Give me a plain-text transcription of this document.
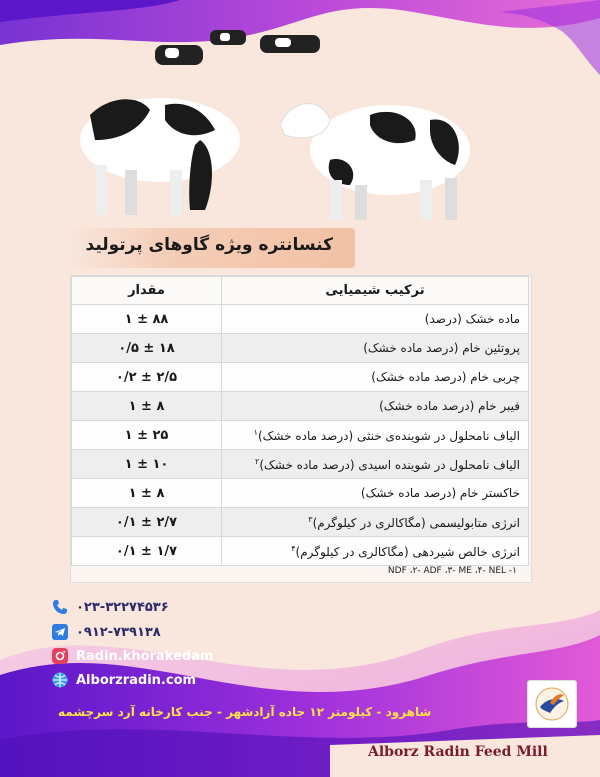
کنسانتره ویژه گاوهای پرتولید
ترکیب شیمیایی	مقدار
ماده خشک (درصد)	۸۸ ± ۱
پروتئین خام (درصد ماده خشک)	۱۸ ± ۰/۵
چربی خام (درصد ماده خشک)	۲/۵ ± ۰/۲
فیبر خام (درصد ماده خشک)	۸ ± ۱
الیاف نامحلول در شوینده‌ی خنثی (درصد ماده خشک)$^۱$	۲۵ ± ۱
الیاف نامحلول در شوینده اسیدی (درصد ماده خشک)$^۲$	۱۰ ± ۱
خاکستر خام (درصد ماده خشک)	۸ ± ۱
انرژی متابولیسمی (مگاکالری در کیلوگرم)$^۳$	۲/۷ ± ۰/۱
انرژی خالص شیردهی (مگاکالری در کیلوگرم)$^۴$	۱/۷ ± ۰/۱
۱- NDF ،۲- ADF ،۳- ME ،۴- NEL
۰۲۳-۳۲۲۷۴۵۳۶
۰۹۱۲-۷۳۹۱۳۸
Radin.khorakedam
Alborzradin.com
شاهرود - کیلومتر ۱۲ جاده آزادشهر - جنب کارخانه آرد سرچشمه
Alborz Radin Feed Mill
